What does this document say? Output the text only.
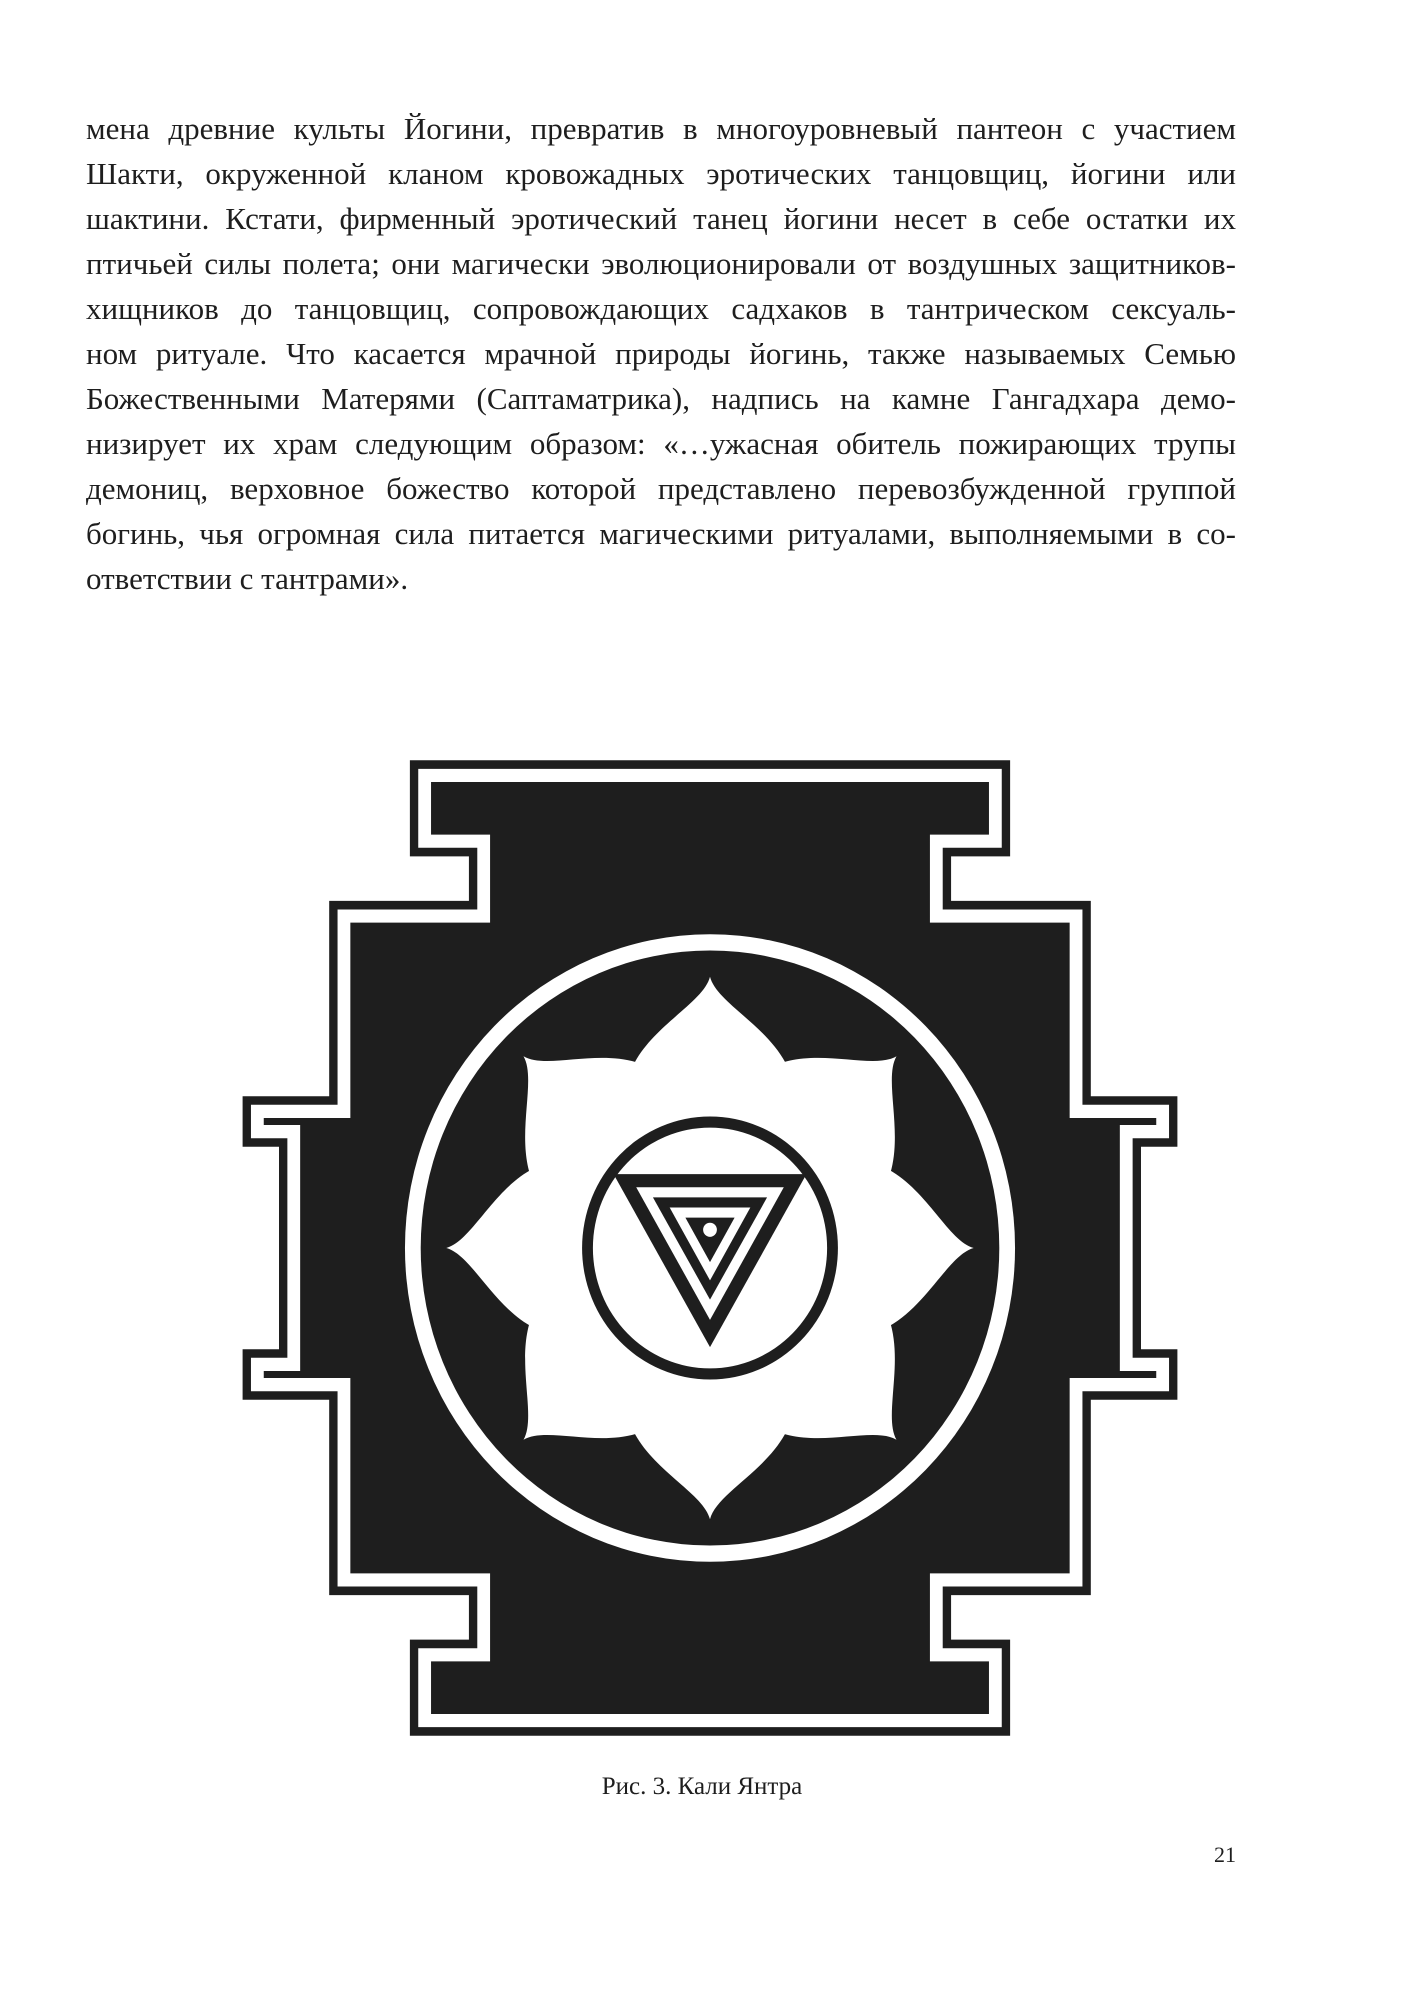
мена древние культы Йогини, превратив в многоуровневый пантеон с участием
Шакти, окруженной кланом кровожадных эротических танцовщиц, йогини или
шактини. Кстати, фирменный эротический танец йогини несет в себе остатки их
птичьей силы полета; они магически эволюционировали от воздушных защитников-
хищников до танцовщиц, сопровождающих садхаков в тантрическом сексуаль-
ном ритуале. Что касается мрачной природы йогинь, также называемых Семью
Божественными Матерями (Саптаматрика), надпись на камне Гангадхара демо-
низирует их храм следующим образом: «…ужасная обитель пожирающих трупы
демониц, верховное божество которой представлено перевозбужденной группой
богинь, чья огромная сила питается магическими ритуалами, выполняемыми в со-
ответствии с тантрами».
Рис. 3. Кали Янтра
21
